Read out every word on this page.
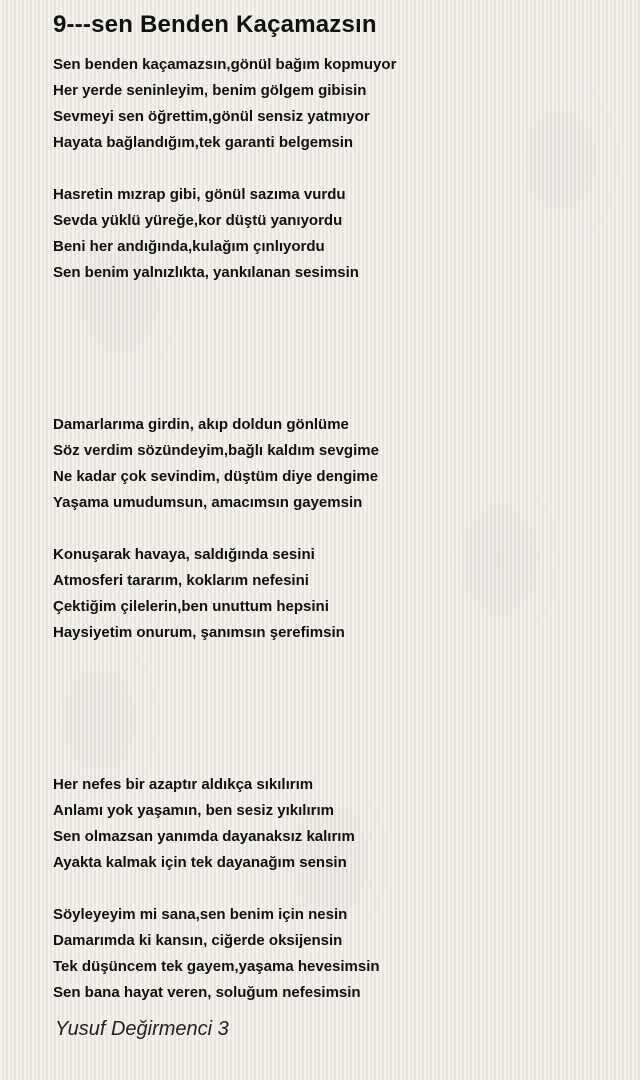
9---sen Benden Kaçamazsın
Sen benden kaçamazsın,gönül bağım kopmuyor
Her yerde seninleyim, benim gölgem gibisin
Sevmeyi sen öğrettim,gönül sensiz yatmıyor
Hayata bağlandığım,tek garanti belgemsin
Hasretin mızrap gibi, gönül sazıma vurdu
Sevda yüklü yüreğe,kor düştü yanıyordu
Beni her andığında,kulağım çınlıyordu
Sen benim yalnızlıkta, yankılanan sesimsin
Damarlarıma girdin, akıp doldun gönlüme
Söz verdim sözündeyim,bağlı kaldım sevgime
Ne kadar çok sevindim, düştüm diye dengime
Yaşama umudumsun, amacımsın gayemsin
Konuşarak havaya, saldığında sesini
Atmosferi tararım, koklarım nefesini
Çektiğim çilelerin,ben unuttum hepsini
Haysiyetim onurum, şanımsın şerefimsin
Her nefes bir azaptır aldıkça sıkılırım
Anlamı yok yaşamın, ben sesiz yıkılırım
Sen olmazsan yanımda dayanaksız kalırım
Ayakta kalmak için tek dayanağım sensin
Söyleyeyim mi sana,sen benim için nesin
Damarımda ki kansın, ciğerde oksijensin
Tek düşüncem tek gayem,yaşama hevesimsin
Sen bana hayat veren, soluğum nefesimsin
Yusuf Değirmenci 3
